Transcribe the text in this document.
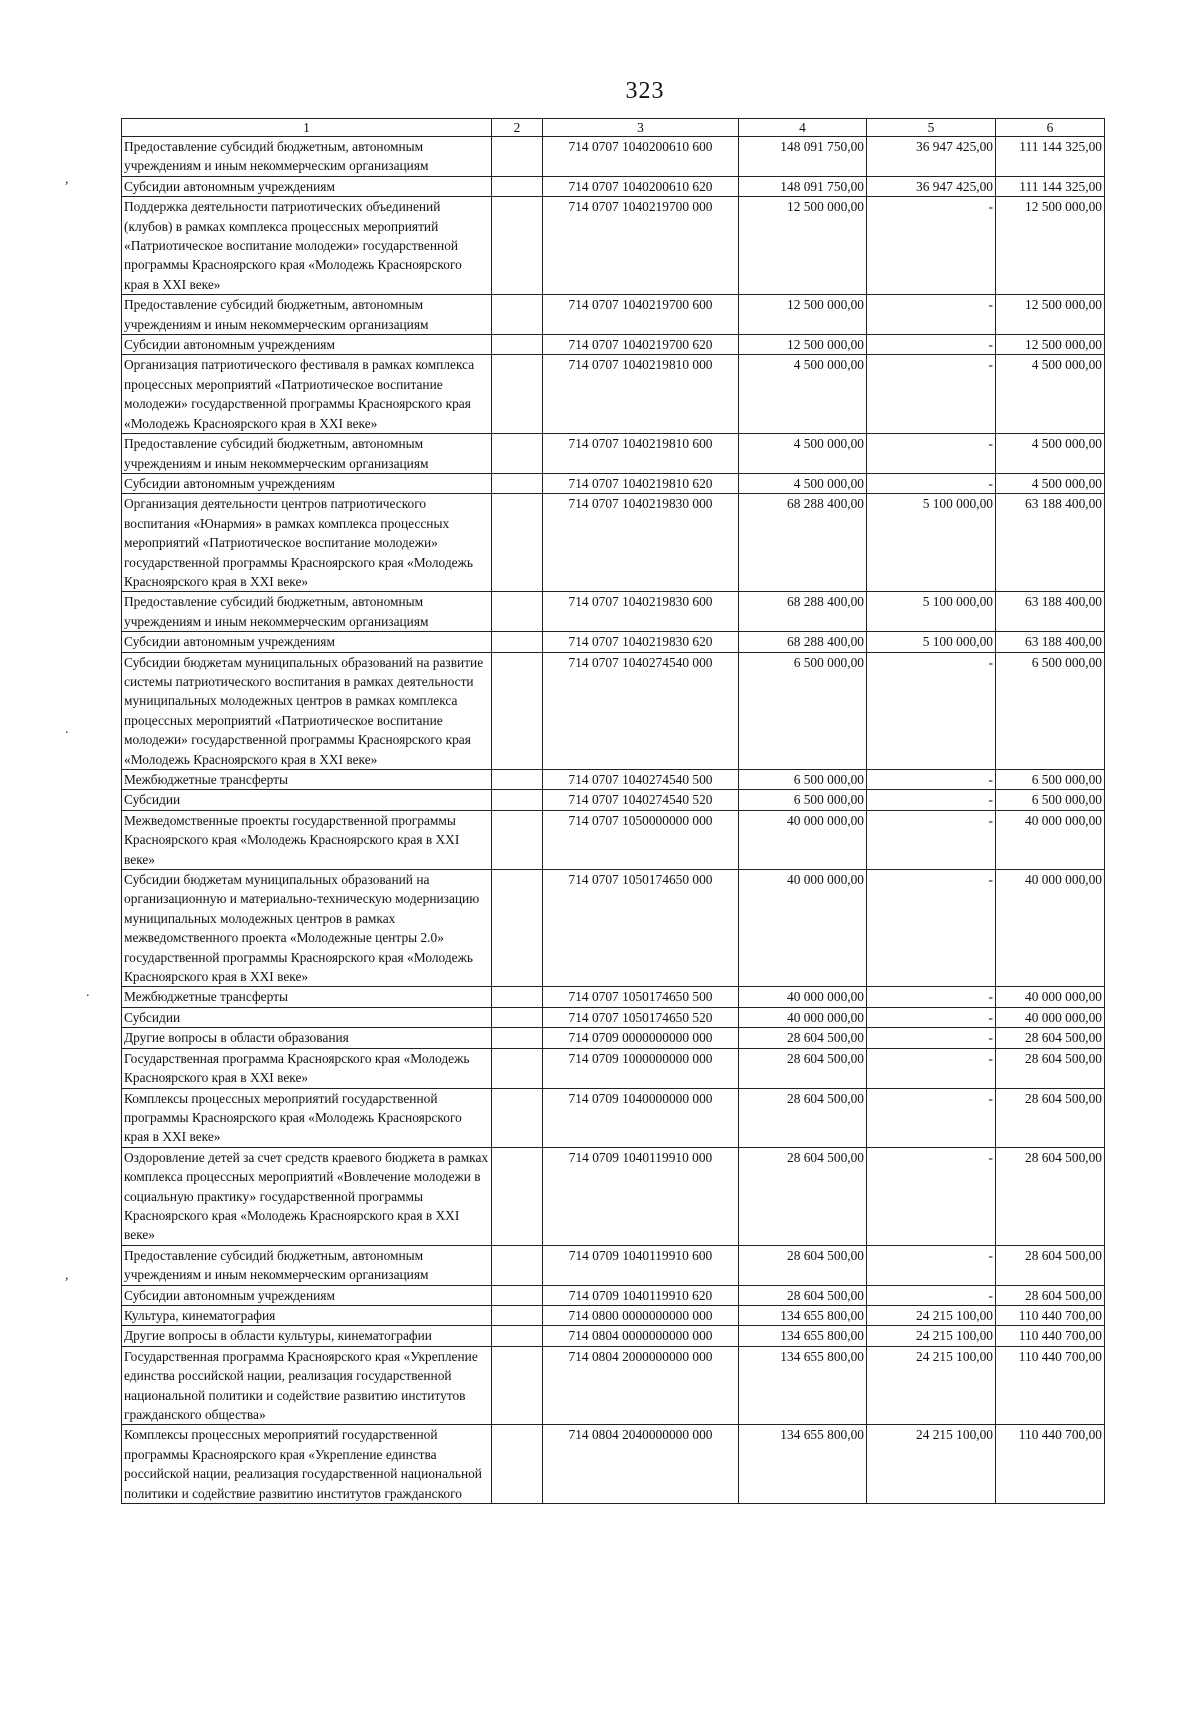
323
1	2	3	4	5	6
Предоставление субсидий бюджетным, автономным учреждениям и иным некоммерческим организациям		714 0707 1040200610 600	148 091 750,00	36 947 425,00	111 144 325,00
Субсидии автономным учреждениям		714 0707 1040200610 620	148 091 750,00	36 947 425,00	111 144 325,00
Поддержка деятельности патриотических объединений (клубов) в рамках комплекса процессных мероприятий «Патриотическое воспитание молодежи» государственной программы Красноярского края «Молодежь Красноярского края в XXI веке»		714 0707 1040219700 000	12 500 000,00	-	12 500 000,00
Предоставление субсидий бюджетным, автономным учреждениям и иным некоммерческим организациям		714 0707 1040219700 600	12 500 000,00	-	12 500 000,00
Субсидии автономным учреждениям		714 0707 1040219700 620	12 500 000,00	-	12 500 000,00
Организация патриотического фестиваля в рамках комплекса процессных мероприятий «Патриотическое воспитание молодежи» государственной программы Красноярского края «Молодежь Красноярского края в XXI веке»		714 0707 1040219810 000	4 500 000,00	-	4 500 000,00
Предоставление субсидий бюджетным, автономным учреждениям и иным некоммерческим организациям		714 0707 1040219810 600	4 500 000,00	-	4 500 000,00
Субсидии автономным учреждениям		714 0707 1040219810 620	4 500 000,00	-	4 500 000,00
Организация деятельности центров патриотического воспитания «Юнармия» в рамках комплекса процессных мероприятий «Патриотическое воспитание молодежи» государственной программы Красноярского края «Молодежь Красноярского края в XXI веке»		714 0707 1040219830 000	68 288 400,00	5 100 000,00	63 188 400,00
Предоставление субсидий бюджетным, автономным учреждениям и иным некоммерческим организациям		714 0707 1040219830 600	68 288 400,00	5 100 000,00	63 188 400,00
Субсидии автономным учреждениям		714 0707 1040219830 620	68 288 400,00	5 100 000,00	63 188 400,00
Субсидии бюджетам муниципальных образований на развитие системы патриотического воспитания в рамках деятельности муниципальных молодежных центров в рамках комплекса процессных мероприятий «Патриотическое воспитание молодежи» государственной программы Красноярского края «Молодежь Красноярского края в XXI веке»		714 0707 1040274540 000	6 500 000,00	-	6 500 000,00
Межбюджетные трансферты		714 0707 1040274540 500	6 500 000,00	-	6 500 000,00
Субсидии		714 0707 1040274540 520	6 500 000,00	-	6 500 000,00
Межведомственные проекты государственной программы Красноярского края «Молодежь Красноярского края в XXI веке»		714 0707 1050000000 000	40 000 000,00	-	40 000 000,00
Субсидии бюджетам муниципальных образований на организационную и материально-техническую модернизацию муниципальных молодежных центров в рамках межведомственного проекта «Молодежные центры 2.0» государственной программы Красноярского края «Молодежь Красноярского края в XXI веке»		714 0707 1050174650 000	40 000 000,00	-	40 000 000,00
Межбюджетные трансферты		714 0707 1050174650 500	40 000 000,00	-	40 000 000,00
Субсидии		714 0707 1050174650 520	40 000 000,00	-	40 000 000,00
Другие вопросы в области образования		714 0709 0000000000 000	28 604 500,00	-	28 604 500,00
Государственная программа Красноярского края «Молодежь Красноярского края в XXI веке»		714 0709 1000000000 000	28 604 500,00	-	28 604 500,00
Комплексы процессных мероприятий государственной программы Красноярского края «Молодежь Красноярского края в XXI веке»		714 0709 1040000000 000	28 604 500,00	-	28 604 500,00
Оздоровление детей за счет средств краевого бюджета в рамках комплекса процессных мероприятий «Вовлечение молодежи в социальную практику» государственной программы Красноярского края «Молодежь Красноярского края в XXI веке»		714 0709 1040119910 000	28 604 500,00	-	28 604 500,00
Предоставление субсидий бюджетным, автономным учреждениям и иным некоммерческим организациям		714 0709 1040119910 600	28 604 500,00	-	28 604 500,00
Субсидии автономным учреждениям		714 0709 1040119910 620	28 604 500,00	-	28 604 500,00
Культура, кинематография		714 0800 0000000000 000	134 655 800,00	24 215 100,00	110 440 700,00
Другие вопросы в области культуры, кинематографии		714 0804 0000000000 000	134 655 800,00	24 215 100,00	110 440 700,00
Государственная программа Красноярского края «Укрепление единства российской нации, реализация государственной национальной политики и содействие развитию институтов гражданского общества»		714 0804 2000000000 000	134 655 800,00	24 215 100,00	110 440 700,00
Комплексы процессных мероприятий государственной программы Красноярского края «Укрепление единства российской нации, реализация государственной национальной политики и содействие развитию институтов гражданского		714 0804 2040000000 000	134 655 800,00	24 215 100,00	110 440 700,00
,
.
.
,
